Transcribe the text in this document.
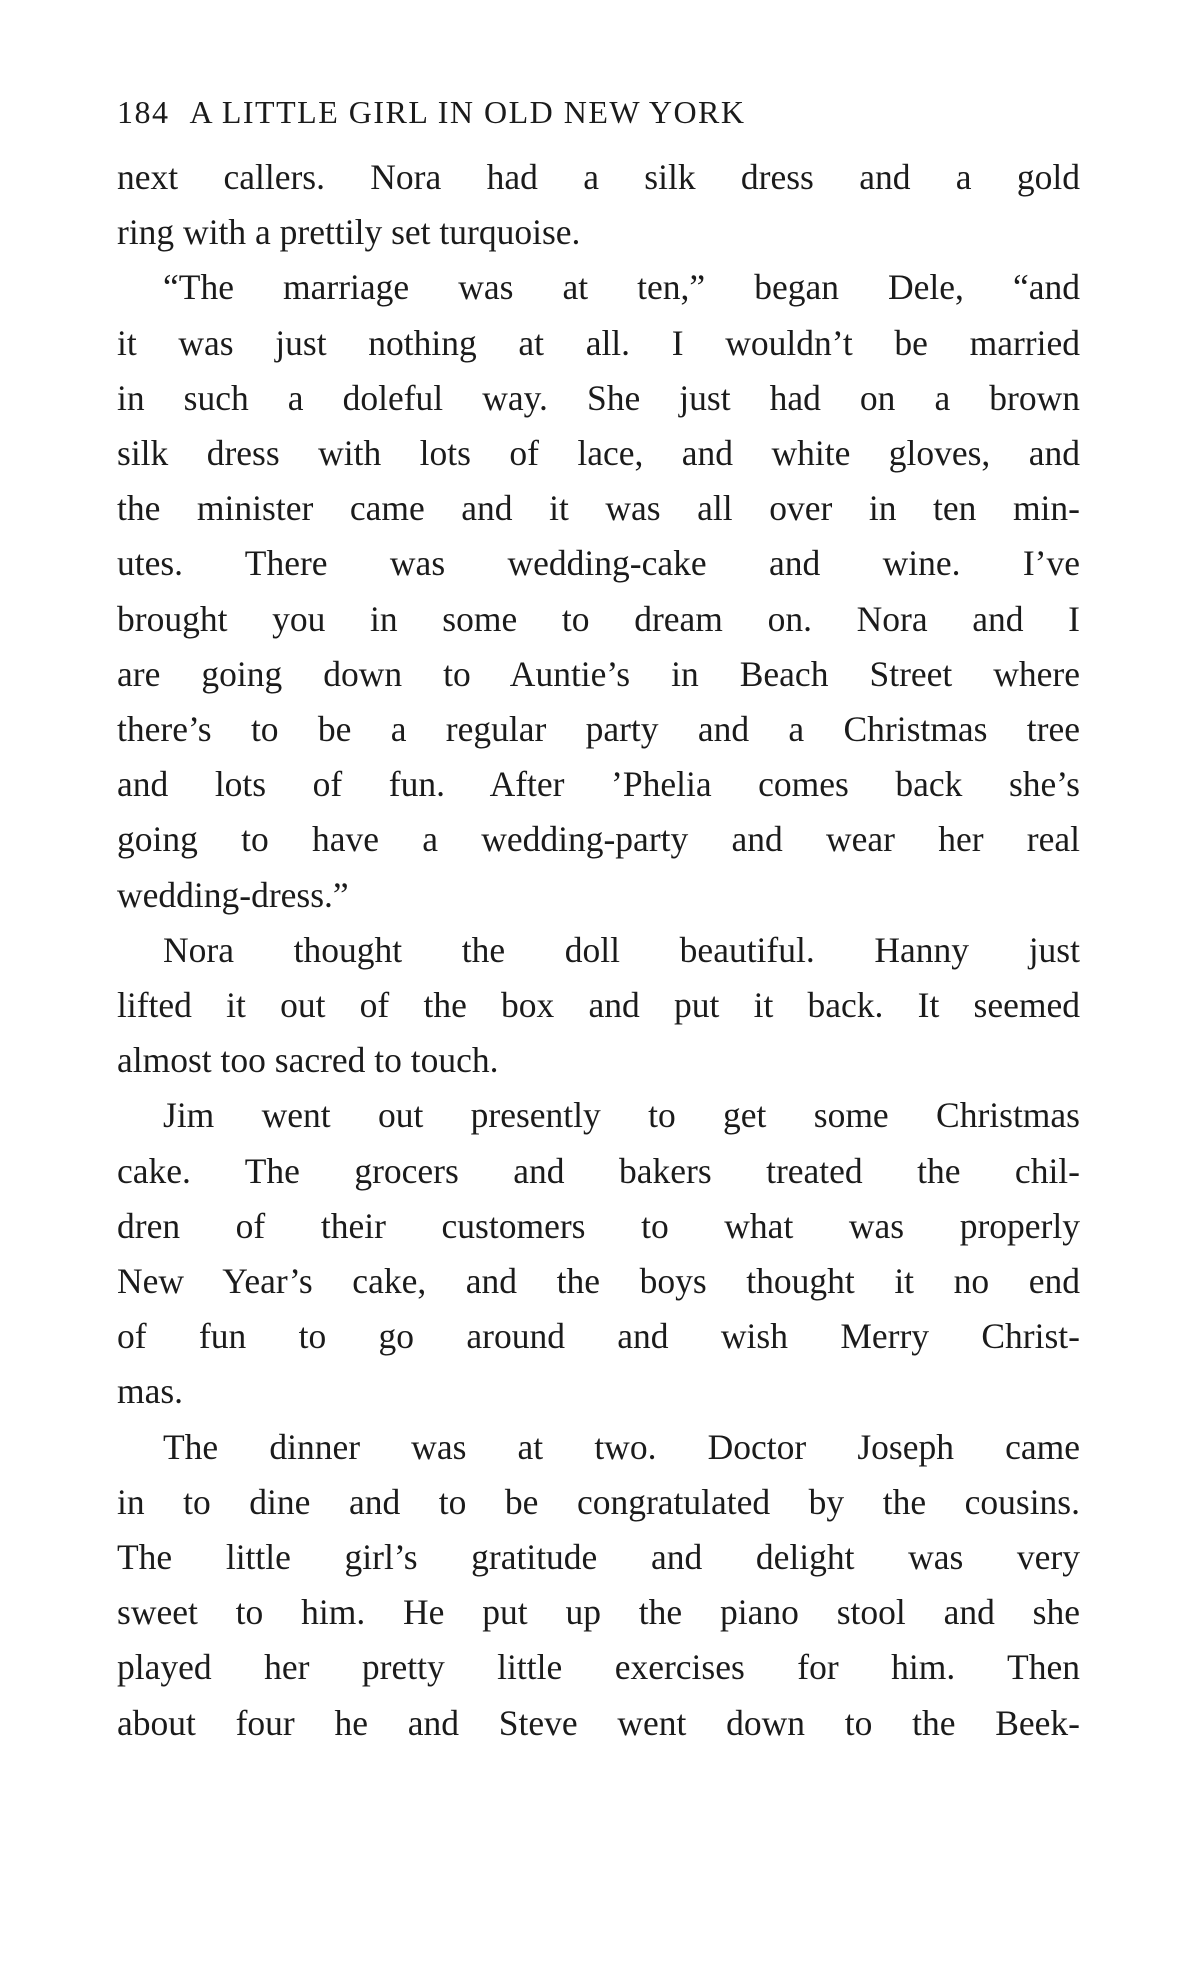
184 A LITTLE GIRL IN OLD NEW YORK
next callers. Nora had a silk dress and a gold
ring with a prettily set turquoise.
“The marriage was at ten,” began Dele, “and
it was just nothing at all. I wouldn’t be married
in such a doleful way. She just had on a brown
silk dress with lots of lace, and white gloves, and
the minister came and it was all over in ten min-
utes. There was wedding-cake and wine. I’ve
brought you in some to dream on. Nora and I
are going down to Auntie’s in Beach Street where
there’s to be a regular party and a Christmas tree
and lots of fun. After ’Phelia comes back she’s
going to have a wedding-party and wear her real
wedding-dress.”
Nora thought the doll beautiful. Hanny just
lifted it out of the box and put it back. It seemed
almost too sacred to touch.
Jim went out presently to get some Christmas
cake. The grocers and bakers treated the chil-
dren of their customers to what was properly
New Year’s cake, and the boys thought it no end
of fun to go around and wish Merry Christ-
mas.
The dinner was at two. Doctor Joseph came
in to dine and to be congratulated by the cousins.
The little girl’s gratitude and delight was very
sweet to him. He put up the piano stool and she
played her pretty little exercises for him. Then
about four he and Steve went down to the Beek-
